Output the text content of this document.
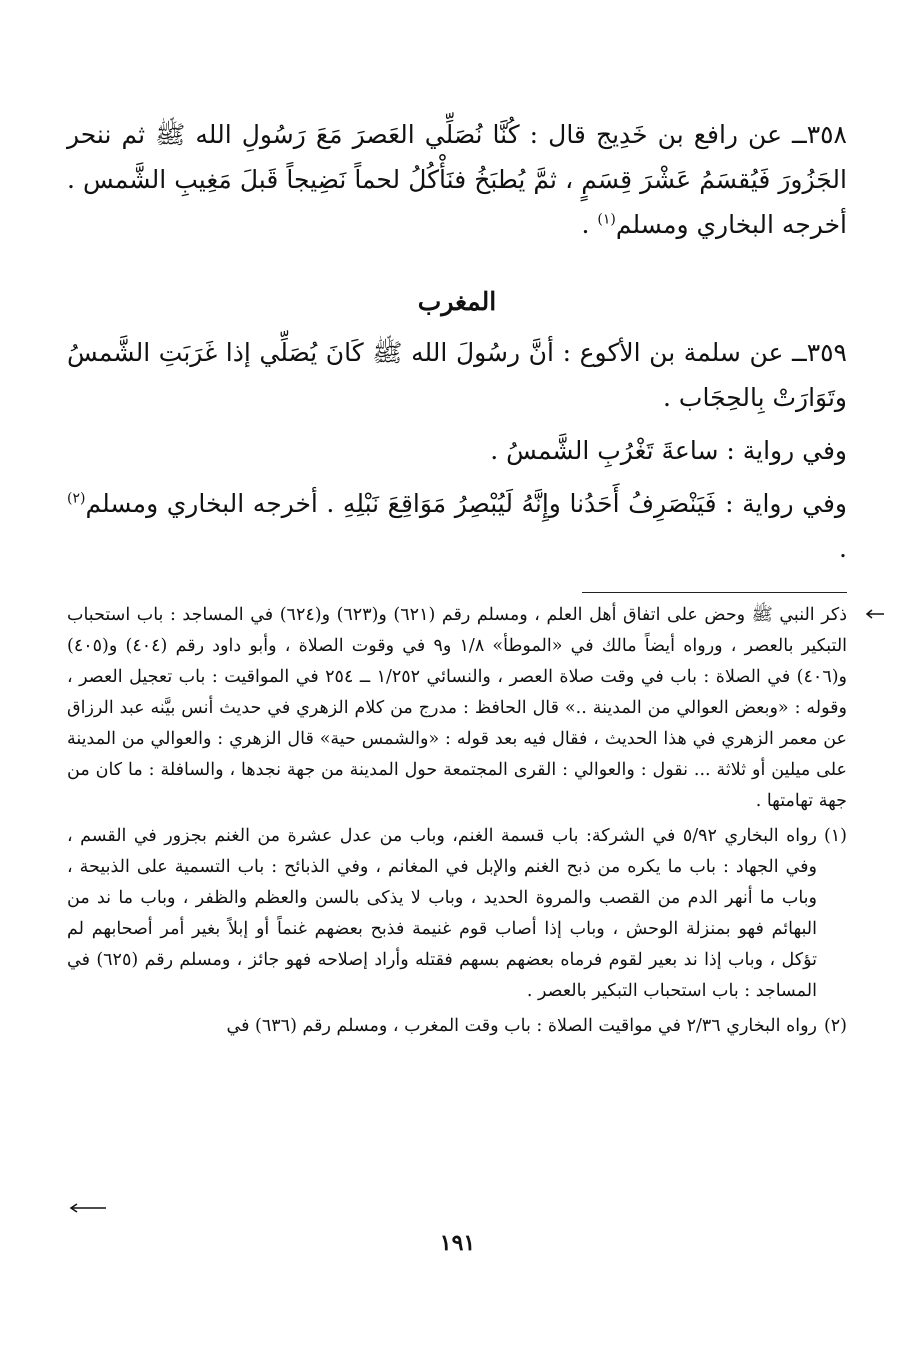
٣٥٨ــ عن رافع بن خَدِيج قال : كُنَّا نُصَلِّي العَصرَ مَعَ رَسُولِ الله ﷺ ثم ننحر الجَزُورَ فَيُقسَمُ عَشْرَ قِسَمٍ ، ثمَّ يُطبَخُ فنَأْكُلُ لحماً نَضِيجاً قَبلَ مَغِيبِ الشَّمس . أخرجه البخاري ومسلم$^{(١)}$ .

المغرب

٣٥٩ــ عن سلمة بن الأكوع : أنَّ رسُولَ الله ﷺ كَانَ يُصَلِّي إذا غَرَبَتِ الشَّمسُ وتَوَارَتْ بِالحِجَاب .

وفي رواية : ساعةَ تَغْرُبِ الشَّمسُ .

وفي رواية : فَيَنْصَرِفُ أَحَدُنا وإِنَّهُ لَيُبْصِرُ مَوَاقِعَ نَبْلِهِ . أخرجه البخاري ومسلم$^{(٢)}$ .

ذكر النبي ﷺ وحض على اتفاق أهل العلم ، ومسلم رقم (٦٢١) و(٦٢٣) و(٦٢٤) في المساجد : باب استحباب التبكير بالعصر ، ورواه أيضاً مالك في «الموطأ» ١/٨ و٩ في وقوت الصلاة ، وأبو داود رقم (٤٠٤) و(٤٠٥) و(٤٠٦) في الصلاة : باب في وقت صلاة العصر ، والنسائي ١/٢٥٢ ــ ٢٥٤ في المواقيت : باب تعجيل العصر ، وقوله : «وبعض العوالي من المدينة ..» قال الحافظ : مدرج من كلام الزهري في حديث أنس بيَّنه عبد الرزاق عن معمر الزهري في هذا الحديث ، فقال فيه بعد قوله : «والشمس حية» قال الزهري : والعوالي من المدينة على ميلين أو ثلاثة ... نقول : والعوالي : القرى المجتمعة حول المدينة من جهة نجدها ، والسافلة : ما كان من جهة تهامتها .

(١)
رواه البخاري ٥/٩٢ في الشركة: باب قسمة الغنم، وباب من عدل عشرة من الغنم بجزور في القسم ، وفي الجهاد : باب ما يكره من ذبح الغنم والإبل في المغانم ، وفي الذبائح : باب التسمية على الذبيحة ، وباب ما أنهر الدم من القصب والمروة الحديد ، وباب لا يذكى بالسن والعظم والظفر ، وباب ما ند من البهائم فهو بمنزلة الوحش ، وباب إذا أصاب قوم غنيمة فذبح بعضهم غنماً أو إبلاً بغير أمر أصحابهم لم تؤكل ، وباب إذا ند بعير لقوم فرماه بعضهم بسهم فقتله وأراد إصلاحه فهو جائز ، ومسلم رقم (٦٢٥) في المساجد : باب استحباب التبكير بالعصر .

(٢)
رواه البخاري ٢/٣٦ في مواقيت الصلاة : باب وقت المغرب ، ومسلم رقم (٦٣٦) في

١٩١
